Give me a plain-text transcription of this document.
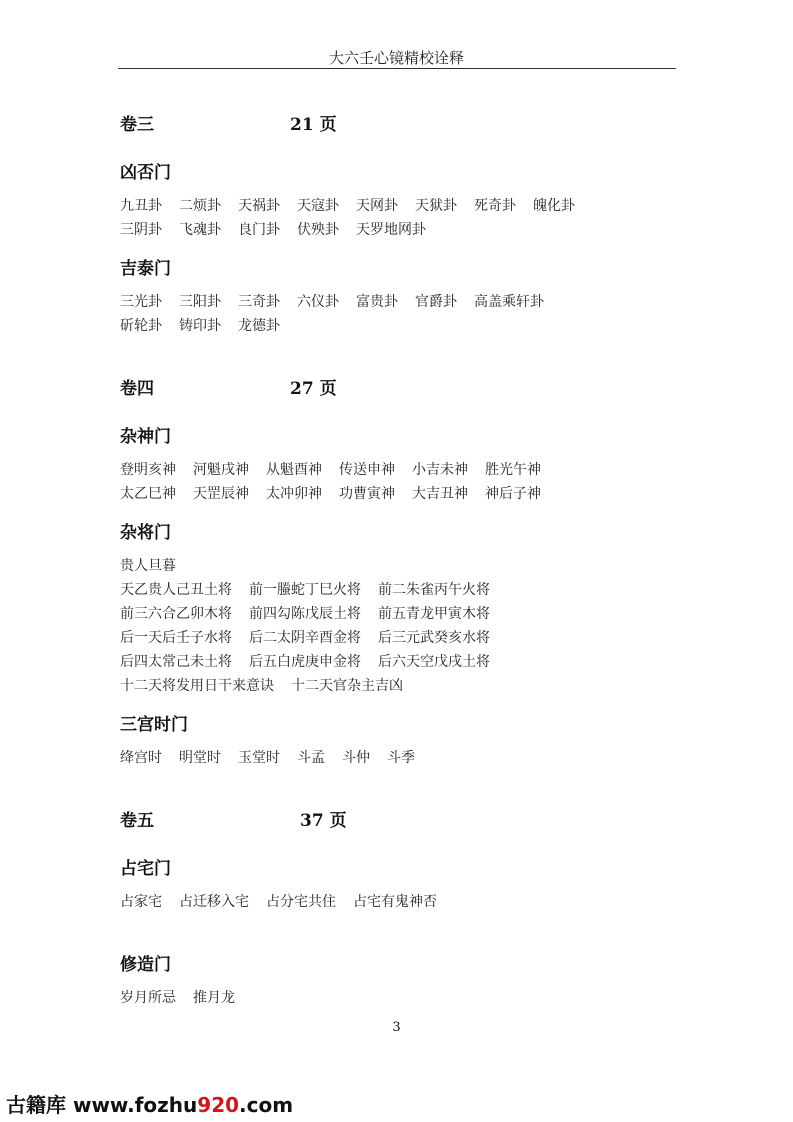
大六壬心镜精校诠释
卷三	21 页
凶否门
九丑卦 二烦卦 天祸卦 天寇卦 天网卦 天狱卦 死奇卦 魄化卦
三阴卦 飞魂卦 良门卦 伏殃卦 天罗地网卦
吉泰门
三光卦 三阳卦 三奇卦 六仪卦 富贵卦 官爵卦 高盖乘轩卦
斫轮卦 铸印卦 龙德卦
卷四	27 页
杂神门
登明亥神 河魁戌神 从魁酉神 传送申神 小吉未神 胜光午神
太乙巳神 天罡辰神 太冲卯神 功曹寅神 大吉丑神 神后子神
杂将门
贵人旦暮
天乙贵人己丑土将 前一螣蛇丁巳火将 前二朱雀丙午火将
前三六合乙卯木将 前四勾陈戊辰土将 前五青龙甲寅木将
后一天后壬子水将 后二太阴辛酉金将 后三元武癸亥水将
后四太常己未土将 后五白虎庚申金将 后六天空戊戌土将
十二天将发用日干来意诀 十二天官杂主吉凶
三宫时门
绛宫时 明堂时 玉堂时 斗孟 斗仲 斗季
卷五	37 页
占宅门
占家宅 占迁移入宅 占分宅共住 占宅有鬼神否
修造门
岁月所忌 推月龙
3
古籍库 www.fozhu920.com
